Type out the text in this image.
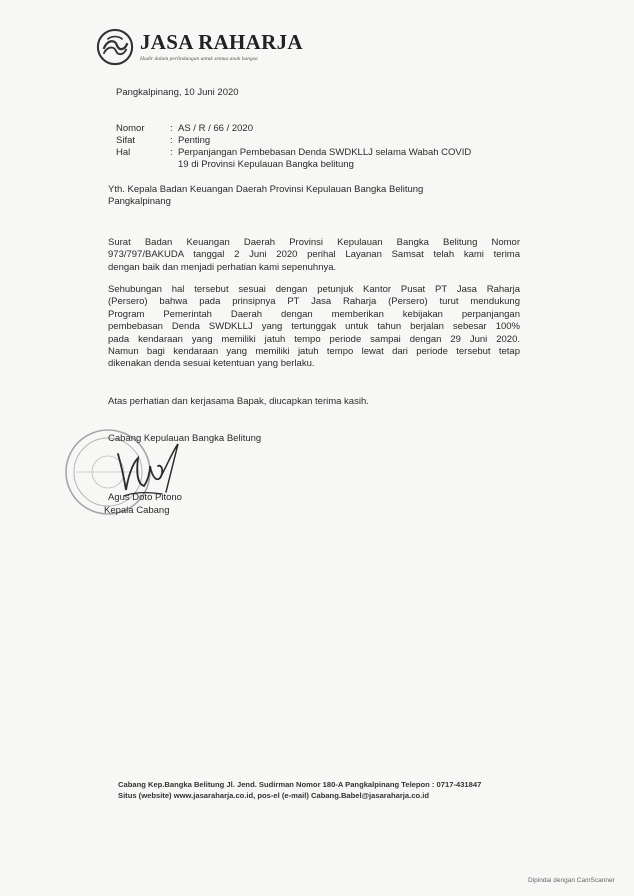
JASA RAHARJA
Hadir dalam perlindungan untuk semua anak bangsa
Pangkalpinang, 10 Juni 2020
Nomor	: AS / R / 66 / 2020
Sifat	: Penting
Hal	: Perpanjangan Pembebasan Denda SWDKLLJ selama Wabah COVID
19 di Provinsi Kepulauan Bangka belitung
Yth. Kepala Badan Keuangan Daerah Provinsi Kepulauan Bangka Belitung
Pangkalpinang
Surat Badan Keuangan Daerah Provinsi Kepulauan Bangka Belitung Nomor
973/797/BAKUDA tanggal 2 Juni 2020 perihal Layanan Samsat telah kami terima
dengan baik dan menjadi perhatian kami sepenuhnya.
Sehubungan hal tersebut sesuai dengan petunjuk Kantor Pusat PT Jasa Raharja
(Persero) bahwa pada prinsipnya PT Jasa Raharja (Persero) turut mendukung
Program Pemerintah Daerah dengan memberikan kebijakan perpanjangan
pembebasan Denda SWDKLLJ yang tertunggak untuk tahun berjalan sebesar 100%
pada kendaraan yang memiliki jatuh tempo periode sampai dengan 29 Juni 2020.
Namun bagi kendaraan yang memiliki jatuh tempo lewat dari periode tersebut tetap
dikenakan denda sesuai ketentuan yang berlaku.
Atas perhatian dan kerjasama Bapak, diucapkan terima kasih.
Cabang Kepulauan Bangka Belitung
Agus Doto Pitono
Kepala Cabang
Cabang Kep.Bangka Belitung Jl. Jend. Sudirman Nomor 180-A Pangkalpinang Telepon : 0717-431847
Situs (website) www.jasaraharja.co.id, pos-el (e-mail) Cabang.Babel@jasaraharja.co.id
Dipindai dengan CamScanner
